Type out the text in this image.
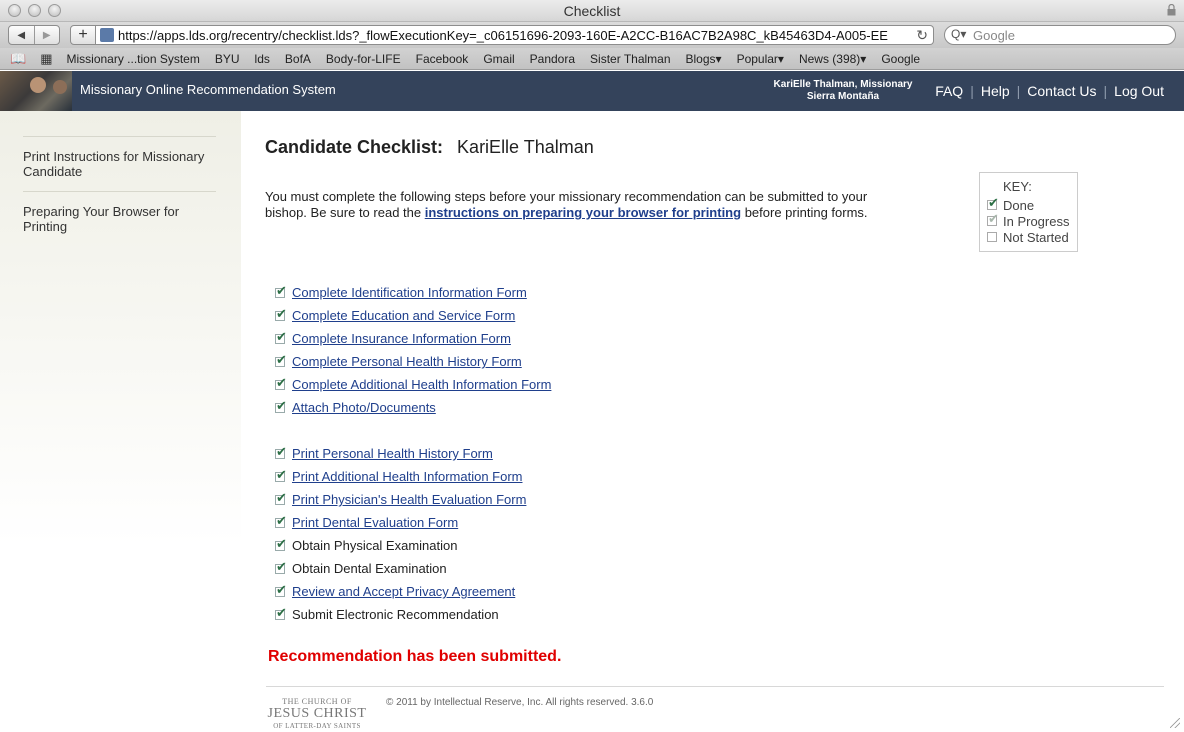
Checklist
◀	▶	+	https://apps.lds.org/recentry/checklist.lds?_flowExecutionKey=_c06151696-2093-160E-A2CC-B16AC7B2A98C_kB45463D4-A005-EE ↻ Q▾ Google
📖 ▦ Missionary ...tion System BYU lds BofA Body-for-LIFE Facebook Gmail Pandora Sister Thalman Blogs▾ Popular▾ News (398)▾ Google
Missionary Online Recommendation System	KariElle Thalman, Missionary
Sierra Montaña	FAQ | Help | Contact Us | Log Out
Print Instructions for Missionary Candidate
Preparing Your Browser for Printing
Candidate Checklist: KariElle Thalman

You must complete the following steps before your missionary recommendation can be submitted to your bishop. Be sure to read the instructions on preparing your browser for printing before printing forms.

KEY:
✔ Done
✔ In Progress
Not Started
✔ Complete Identification Information Form
✔ Complete Education and Service Form
✔ Complete Insurance Information Form
✔ Complete Personal Health History Form
✔ Complete Additional Health Information Form
✔ Attach Photo/Documents
✔ Print Personal Health History Form
✔ Print Additional Health Information Form
✔ Print Physician's Health Evaluation Form
✔ Print Dental Evaluation Form
✔ Obtain Physical Examination
✔ Obtain Dental Examination
✔ Review and Accept Privacy Agreement
✔ Submit Electronic Recommendation
Recommendation has been submitted.
THE CHURCH OF
JESUS CHRIST
OF LATTER-DAY SAINTS
© 2011 by Intellectual Reserve, Inc. All rights reserved. 3.6.0
